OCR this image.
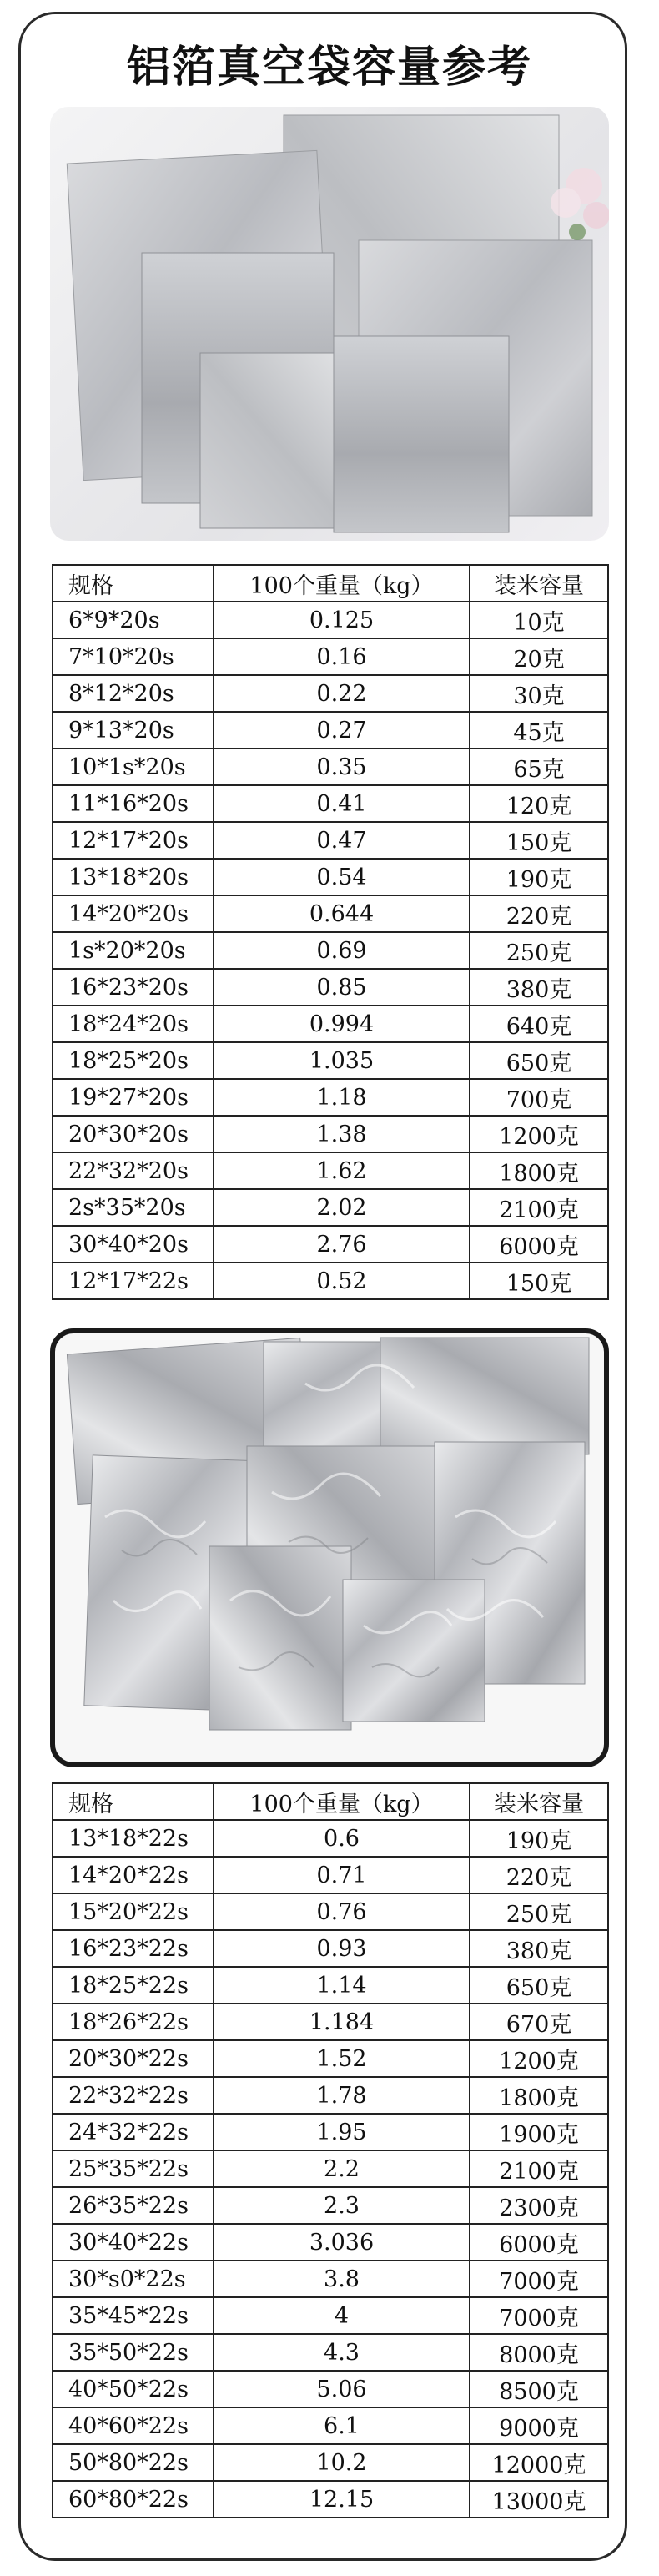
铝箔真空袋容量参考
规格	100个重量（kg）	装米容量
6*9*20s	0.125	10克
7*10*20s	0.16	20克
8*12*20s	0.22	30克
9*13*20s	0.27	45克
10*1s*20s	0.35	65克
11*16*20s	0.41	120克
12*17*20s	0.47	150克
13*18*20s	0.54	190克
14*20*20s	0.644	220克
1s*20*20s	0.69	250克
16*23*20s	0.85	380克
18*24*20s	0.994	640克
18*25*20s	1.035	650克
19*27*20s	1.18	700克
20*30*20s	1.38	1200克
22*32*20s	1.62	1800克
2s*35*20s	2.02	2100克
30*40*20s	2.76	6000克
12*17*22s	0.52	150克
规格	100个重量（kg）	装米容量
13*18*22s	0.6	190克
14*20*22s	0.71	220克
15*20*22s	0.76	250克
16*23*22s	0.93	380克
18*25*22s	1.14	650克
18*26*22s	1.184	670克
20*30*22s	1.52	1200克
22*32*22s	1.78	1800克
24*32*22s	1.95	1900克
25*35*22s	2.2	2100克
26*35*22s	2.3	2300克
30*40*22s	3.036	6000克
30*s0*22s	3.8	7000克
35*45*22s	4	7000克
35*50*22s	4.3	8000克
40*50*22s	5.06	8500克
40*60*22s	6.1	9000克
50*80*22s	10.2	12000克
60*80*22s	12.15	13000克
